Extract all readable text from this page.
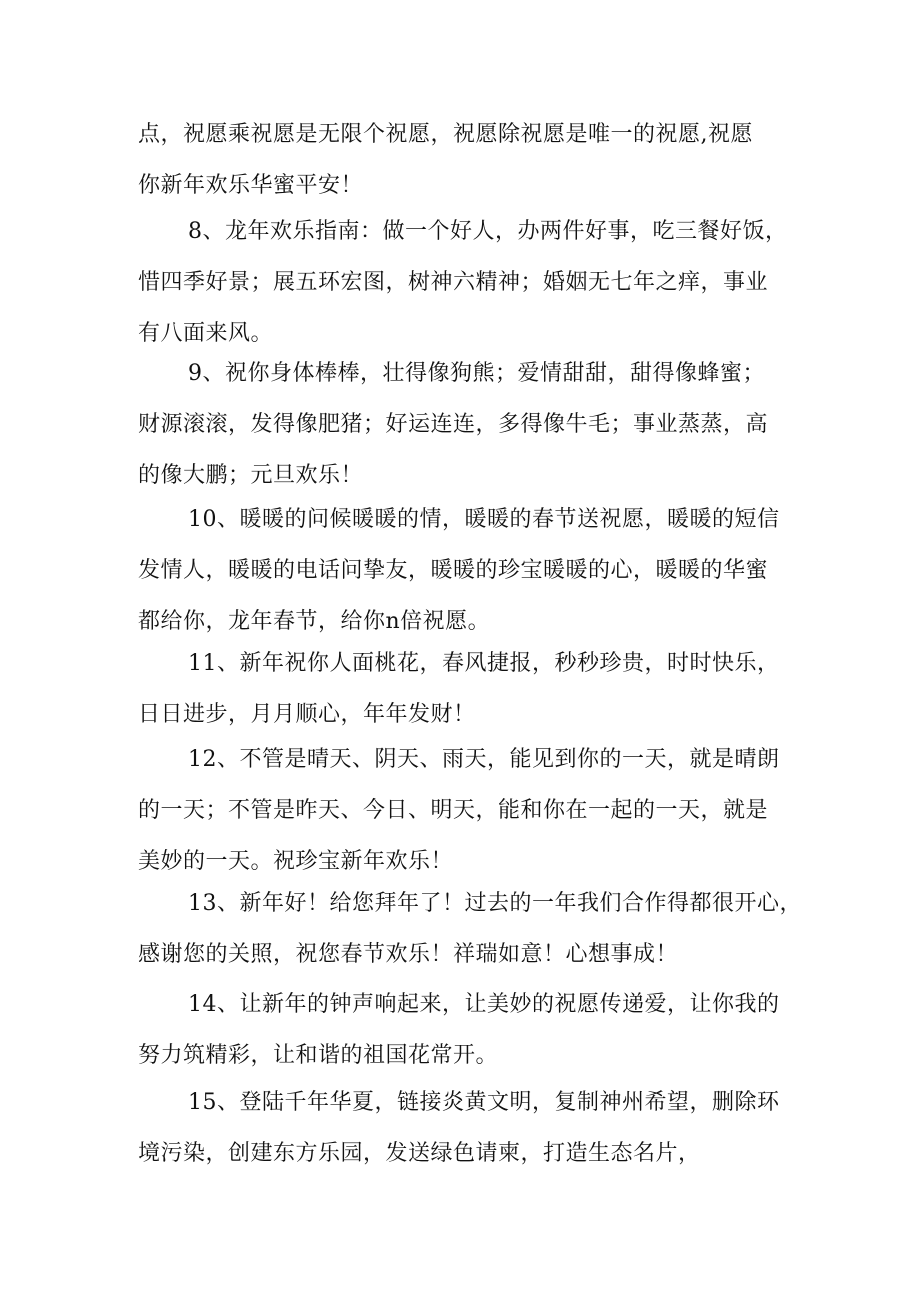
点，祝愿乘祝愿是无限个祝愿，祝愿除祝愿是唯一的祝愿,祝愿
你新年欢乐华蜜平安！

8、龙年欢乐指南：做一个好人，办两件好事，吃三餐好饭，
惜四季好景；展五环宏图，树神六精神；婚姻无七年之痒，事业
有八面来风。

9、祝你身体棒棒，壮得像狗熊；爱情甜甜，甜得像蜂蜜；
财源滚滚，发得像肥猪；好运连连，多得像牛毛；事业蒸蒸，高
的像大鹏；元旦欢乐！

10、暖暖的问候暖暖的情，暖暖的春节送祝愿，暖暖的短信
发情人，暖暖的电话问挚友，暖暖的珍宝暖暖的心，暖暖的华蜜
都给你，龙年春节，给你n倍祝愿。

11、新年祝你人面桃花，春风捷报，秒秒珍贵，时时快乐，
日日进步，月月顺心，年年发财！

12、不管是晴天、阴天、雨天，能见到你的一天，就是晴朗
的一天；不管是昨天、今日、明天，能和你在一起的一天，就是
美妙的一天。祝珍宝新年欢乐！

13、新年好！给您拜年了！过去的一年我们合作得都很开心，
感谢您的关照，祝您春节欢乐！祥瑞如意！心想事成！

14、让新年的钟声响起来，让美妙的祝愿传递爱，让你我的
努力筑精彩，让和谐的祖国花常开。

15、登陆千年华夏，链接炎黄文明，复制神州希望，删除环
境污染，创建东方乐园，发送绿色请柬，打造生态名片，
